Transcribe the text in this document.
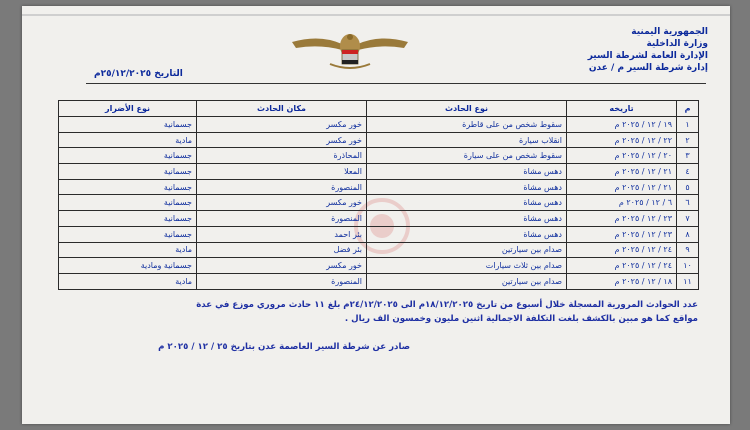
الجمهورية اليمنية
وزارة الداخلية
الإدارة العامة لشرطة السير
إدارة شرطة السير م / عدن
التاريخ ٢٥/١٢/٢٠٢٥م
م	تاريخه	نوع الحادث	مكان الحادث	نوع الأضرار
١	١٩ / ١٢ / ٢٠٢٥ م	سقوط شخص من على قاطرة	خور مكسر	جسمانية
٢	٢٢ / ١٢ / ٢٠٢٥ م	انقلاب سيارة	خور مكسر	مادية
٣	٢٠ / ١٢ / ٢٠٢٥ م	سقوط شخص من على سيارة	المحاذرة	جسمانية
٤	٢١ / ١٢ / ٢٠٢٥ م	دهس مشاة	المعلا	جسمانية
٥	٢١ / ١٢ / ٢٠٢٥ م	دهس مشاة	المنصورة	جسمانية
٦	٦ / ١٢ / ٢٠٢٥ م	دهس مشاة	خور مكسر	جسمانية
٧	٢٣ / ١٢ / ٢٠٢٥ م	دهس مشاة	المنصورة	جسمانية
٨	٢٣ / ١٢ / ٢٠٢٥ م	دهس مشاة	بئر احمد	جسمانية
٩	٢٤ / ١٢ / ٢٠٢٥ م	صدام بين سيارتين	بئر فضل	مادية
١٠	٢٤ / ١٢ / ٢٠٢٥ م	صدام بين ثلاث سيارات	خور مكسر	جسمانية ومادية
١١	١٨ / ١٢ / ٢٠٢٥ م	صدام بين سيارتين	المنصورة	مادية

عدد الحوادث المرورية المسجلة خلال أسبوع من تاريخ ١٨/١٢/٢٠٢٥م الى ٢٤/١٢/٢٠٢٥م بلغ ١١ حادث مروري موزع في عدة

مواقع كما هو مبين بالكشف بلغت التكلفة الاجمالية اثنين مليون وخمسون الف ريال .

صادر عن شرطة السير العاصمة عدن بتاريخ ٢٥ / ١٢ / ٢٠٢٥ م
